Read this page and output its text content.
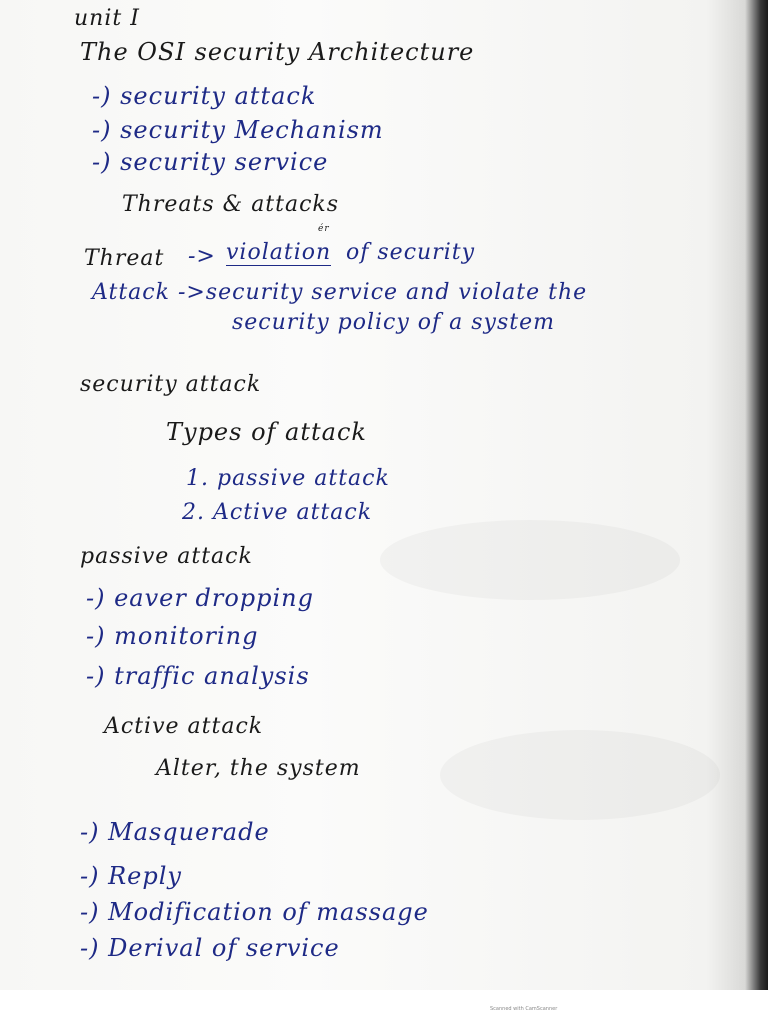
unit I
The OSI security Architecture
-) security attack
-) security Mechanism
-) security service
Threats & attacks
ér
Threat -> violation of security
Attack ->security service and violate the
security policy of a system
security attack
Types of attack
1. passive attack
2. Active attack
passive attack
-) eaver dropping
-) monitoring
-) traffic analysis
Active attack
Alter, the system
-) Masquerade
-) Reply
-) Modification of massage
-) Derival of service
Scanned with CamScanner
